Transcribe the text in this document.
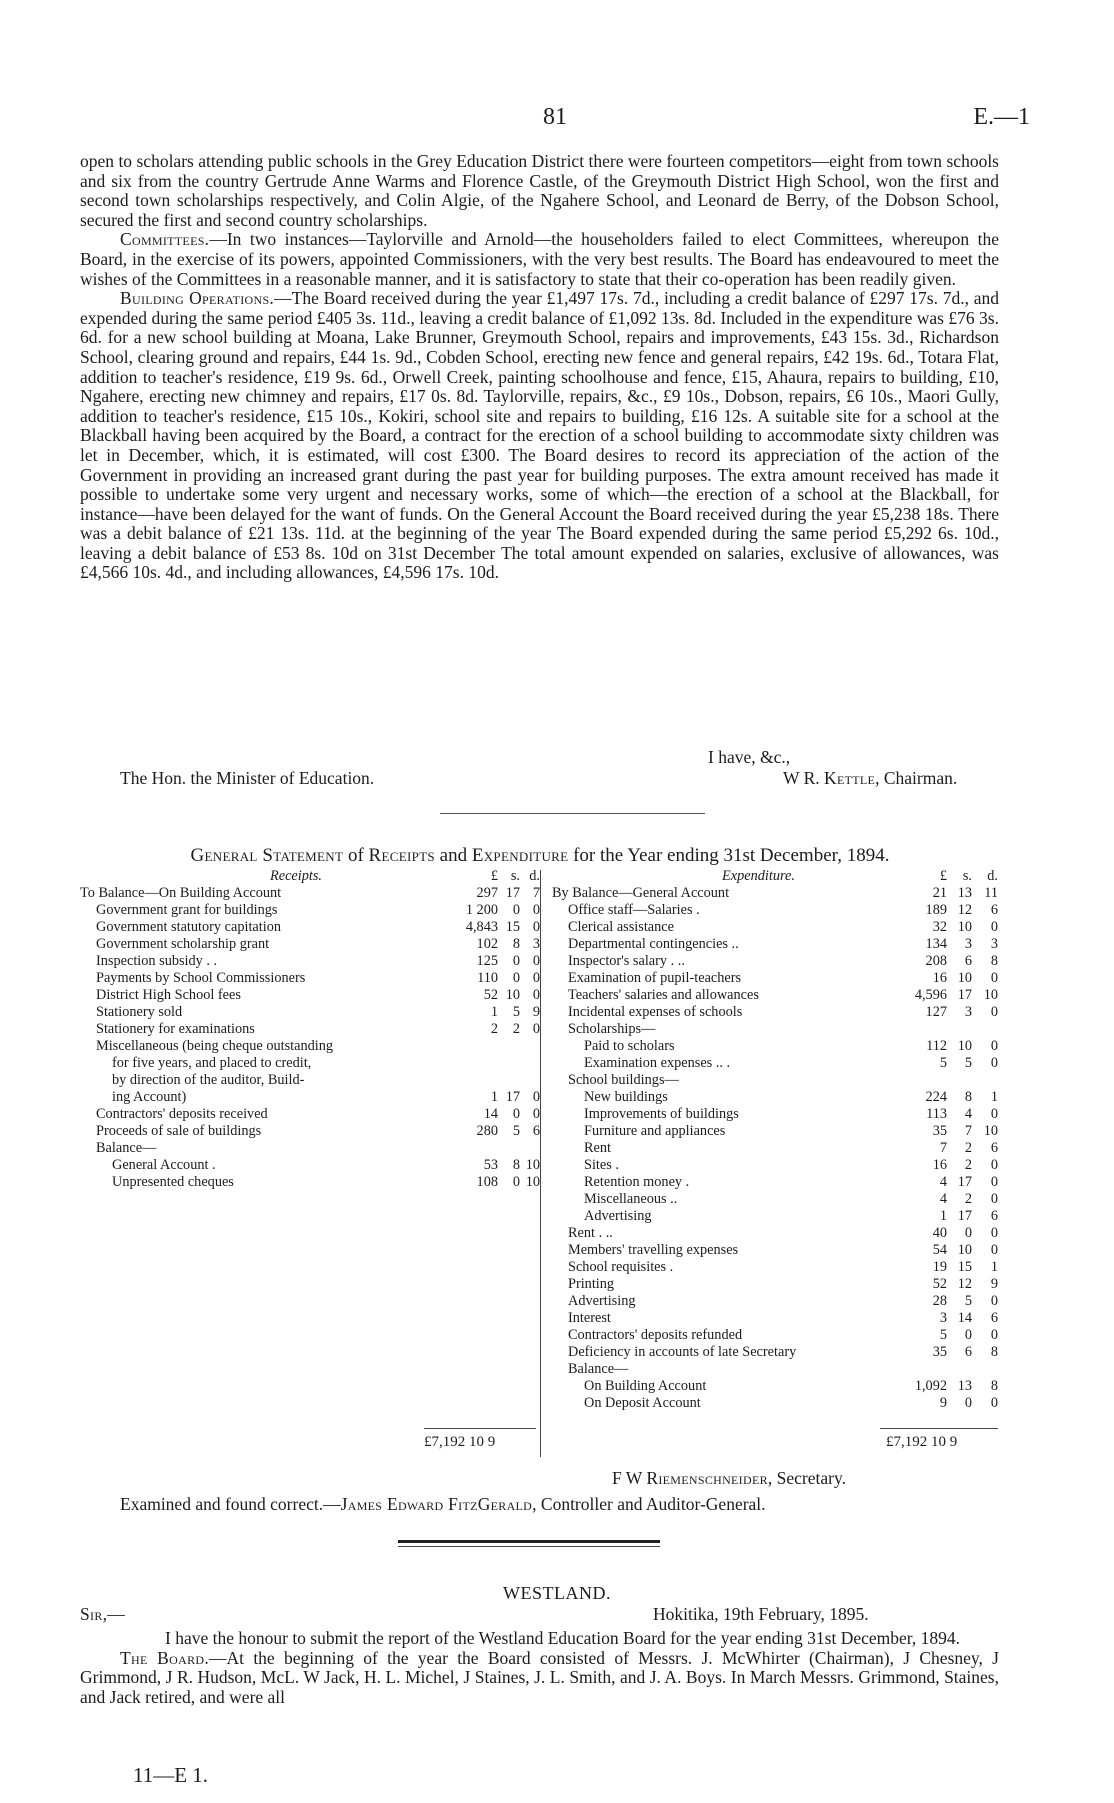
81	E.—1

open to scholars attending public schools in the Grey Education District there were fourteen competitors—eight from town schools and six from the country Gertrude Anne Warms and Florence Castle, of the Greymouth District High School, won the first and second town scholarships respectively, and Colin Algie, of the Ngahere School, and Leonard de Berry, of the Dobson School, secured the first and second country scholarships.

Committees.—In two instances—Taylorville and Arnold—the householders failed to elect Committees, whereupon the Board, in the exercise of its powers, appointed Commissioners, with the very best results. The Board has endeavoured to meet the wishes of the Committees in a reasonable manner, and it is satisfactory to state that their co-operation has been readily given.

Building Operations.—The Board received during the year £1,497 17s. 7d., including a credit balance of £297 17s. 7d., and expended during the same period £405 3s. 11d., leaving a credit balance of £1,092 13s. 8d. Included in the expenditure was £76 3s. 6d. for a new school building at Moana, Lake Brunner, Greymouth School, repairs and improvements, £43 15s. 3d., Richardson School, clearing ground and repairs, £44 1s. 9d., Cobden School, erecting new fence and general repairs, £42 19s. 6d., Totara Flat, addition to teacher's residence, £19 9s. 6d., Orwell Creek, painting schoolhouse and fence, £15, Ahaura, repairs to building, £10, Ngahere, erecting new chimney and repairs, £17 0s. 8d. Taylorville, repairs, &c., £9 10s., Dobson, repairs, £6 10s., Maori Gully, addition to teacher's residence, £15 10s., Kokiri, school site and repairs to building, £16 12s. A suitable site for a school at the Blackball having been acquired by the Board, a contract for the erection of a school building to accommodate sixty children was let in December, which, it is estimated, will cost £300. The Board desires to record its appreciation of the action of the Government in providing an increased grant during the past year for building purposes. The extra amount received has made it possible to undertake some very urgent and necessary works, some of which—the erection of a school at the Blackball, for instance—have been delayed for the want of funds. On the General Account the Board received during the year £5,238 18s. There was a debit balance of £21 13s. 11d. at the beginning of the year The Board expended during the same period £5,292 6s. 10d., leaving a debit balance of £53 8s. 10d on 31st December The total amount expended on salaries, exclusive of allowances, was £4,566 10s. 4d., and including allowances, £4,596 17s. 10d.

I have, &c.,
The Hon. the Minister of Education.	W R. Kettle, Chairman.
General Statement of Receipts and Expenditure for the Year ending 31st December, 1894.
Receipts.	£ s. d.
To Balance—On Building Account	297 17 7
Government grant for buildings	1 200	0 0
Government statutory capitation	4,843 15 0
Government scholarship grant	102	8 3
Inspection subsidy . .	125	0 0
Payments by School Commissioners	110	0 0
District High School fees	52 10 0
Stationery sold	1	5 9
Stationery for examinations	2	2 0
Miscellaneous (being cheque outstanding
for five years, and placed to credit,
by direction of the auditor, Build-
ing Account)	1 17 0
Contractors' deposits received	14	0 0
Proceeds of sale of buildings	280	5 6
Balance—
General Account .	53	8 10
Unpresented cheques	108	0 10
Expenditure.	£	s.	d.
By Balance—General Account	21 13 11
Office staff—Salaries .	189 12	6
Clerical assistance	32 10	0
Departmental contingencies ..	134	3	3
Inspector's salary . ..	208	6	8
Examination of pupil-teachers	16 10	0
Teachers' salaries and allowances	4,596 17 10
Incidental expenses of schools	127	3	0
Scholarships—
Paid to scholars	112 10	0
Examination expenses .. .	5	5	0
School buildings—
New buildings	224	8	1
Improvements of buildings	113	4	0
Furniture and appliances	35	7 10
Rent	7	2	6
Sites .	16	2	0
Retention money .	4 17	0
Miscellaneous ..	4	2	0
Advertising	1 17	6
Rent . ..	40	0	0
Members' travelling expenses	54 10	0
School requisites .	19 15	1
Printing	52 12	9
Advertising	28	5	0
Interest	3 14	6
Contractors' deposits refunded	5	0	0
Deficiency in accounts of late Secretary	35	6	8
Balance—
On Building Account	1,092 13	8
On Deposit Account	9	0	0
£7,192 10 9	£7,192 10 9
F W Riemenschneider, Secretary.
Examined and found correct.—James Edward FitzGerald, Controller and Auditor-General.
WESTLAND.
Sir,—	Hokitika, 19th February, 1895.

I have the honour to submit the report of the Westland Education Board for the year ending 31st December, 1894.

The Board.—At the beginning of the year the Board consisted of Messrs. J. McWhirter (Chairman), J Chesney, J Grimmond, J R. Hudson, McL. W Jack, H. L. Michel, J Staines, J. L. Smith, and J. A. Boys. In March Messrs. Grimmond, Staines, and Jack retired, and were all

11—E 1.
